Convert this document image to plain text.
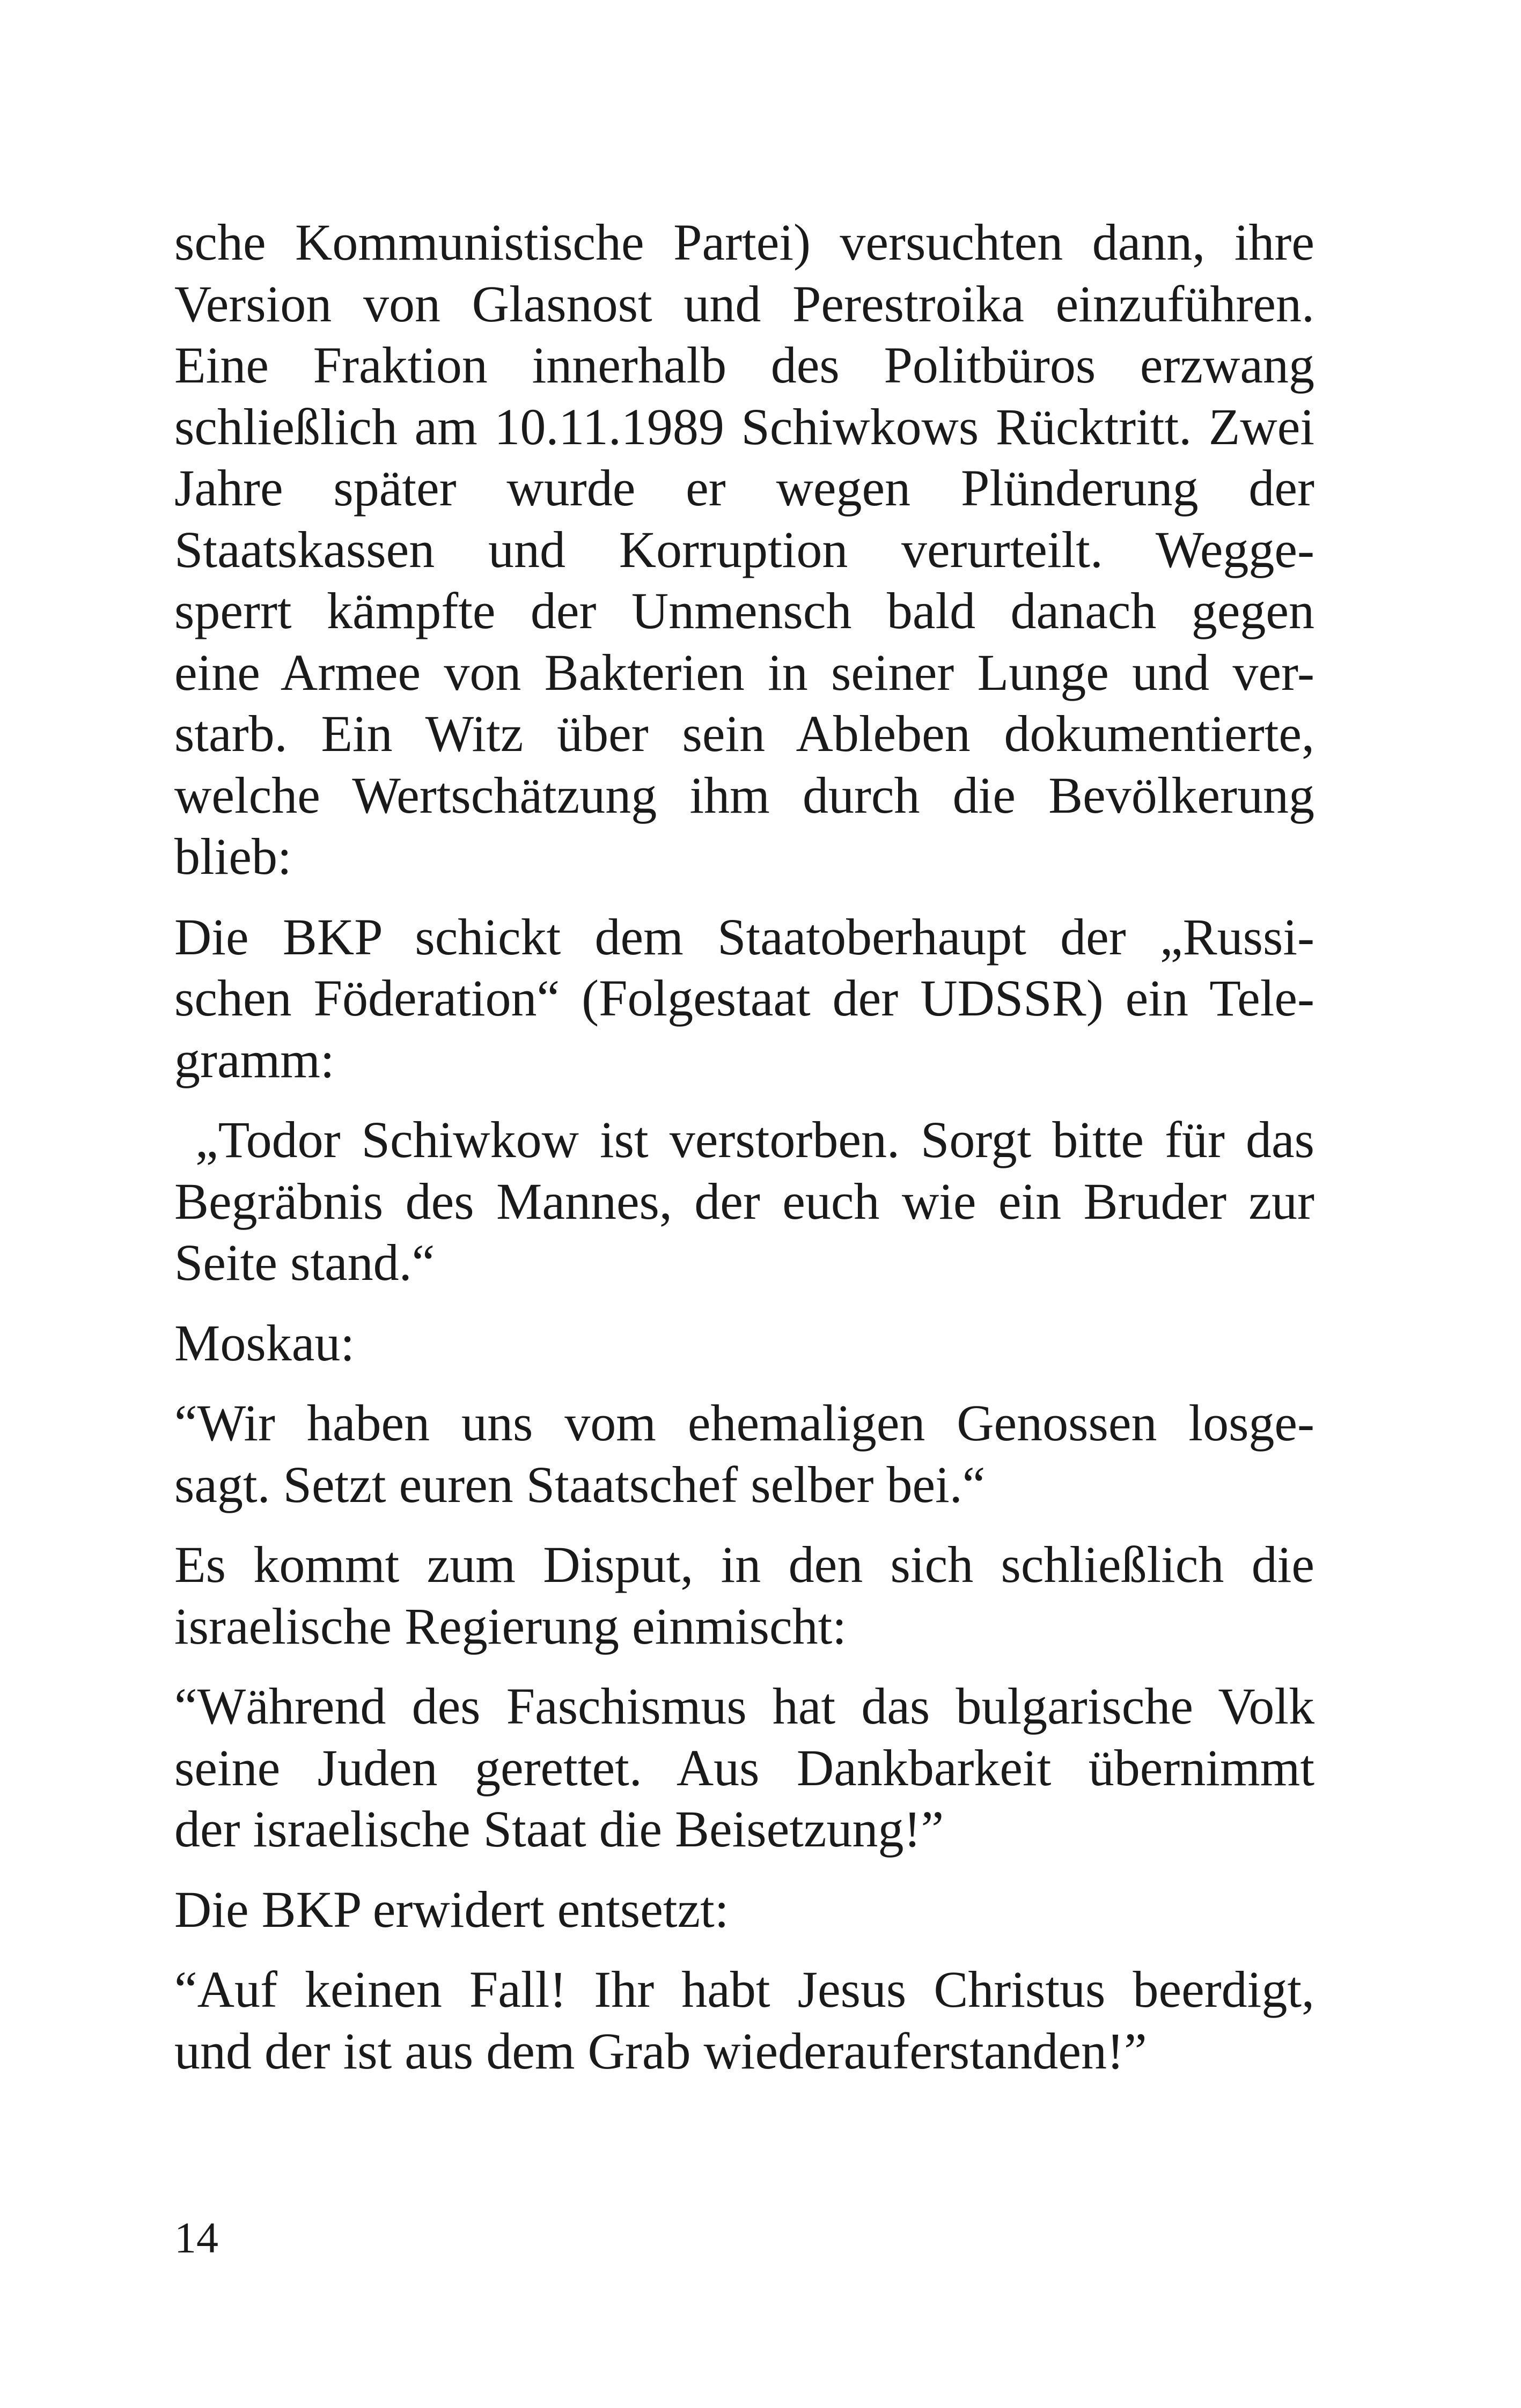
sche Kommunistische Partei) versuchten dann, ihre
Version von Glasnost und Perestroika einzuführen.
Eine Fraktion innerhalb des Politbüros erzwang
schließlich am 10.11.1989 Schiwkows Rücktritt. Zwei
Jahre später wurde er wegen Plünderung der
Staatskassen und Korruption verurteilt. Wegge-
sperrt kämpfte der Unmensch bald danach gegen
eine Armee von Bakterien in seiner Lunge und ver-
starb. Ein Witz über sein Ableben dokumentierte,
welche Wertschätzung ihm durch die Bevölkerung
blieb:

Die BKP schickt dem Staatoberhaupt der „Russi-
schen Föderation“ (Folgestaat der UDSSR) ein Tele-
gramm:

„Todor Schiwkow ist verstorben. Sorgt bitte für das
Begräbnis des Mannes, der euch wie ein Bruder zur
Seite stand.“

Moskau:

“Wir haben uns vom ehemaligen Genossen losge-
sagt. Setzt euren Staatschef selber bei.“

Es kommt zum Disput, in den sich schließlich die
israelische Regierung einmischt:

“Während des Faschismus hat das bulgarische Volk
seine Juden gerettet. Aus Dankbarkeit übernimmt
der israelische Staat die Beisetzung!”

Die BKP erwidert entsetzt:

“Auf keinen Fall! Ihr habt Jesus Christus beerdigt,
und der ist aus dem Grab wiederauferstanden!”

14
